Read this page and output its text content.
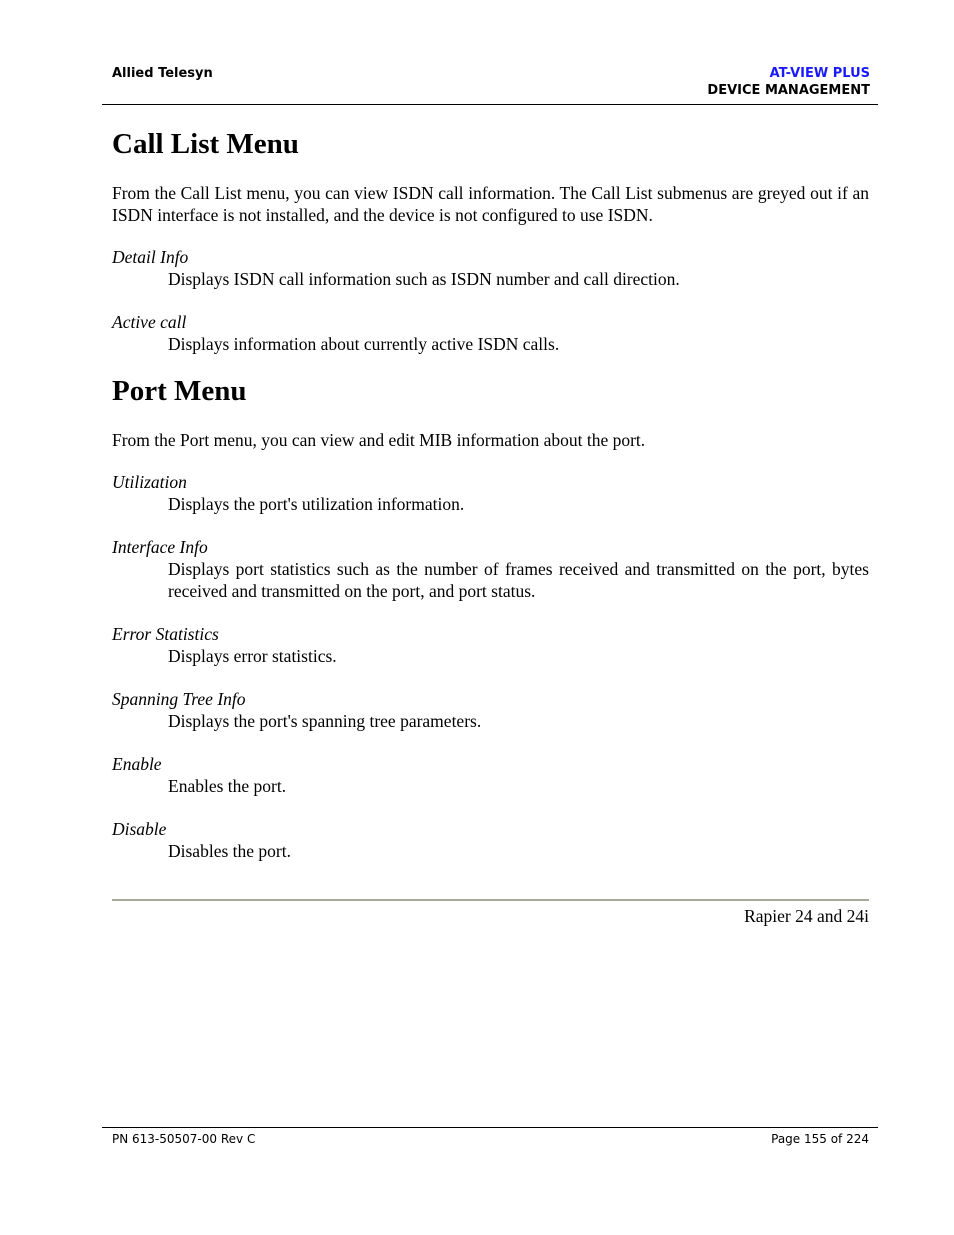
Allied Telesyn	AT-VIEW PLUS
DEVICE MANAGEMENT
Call List Menu

From the Call List menu, you can view ISDN call information. The Call List submenus are greyed out if an ISDN interface is not installed, and the device is not configured to use ISDN.

Detail Info

Displays ISDN call information such as ISDN number and call direction.

Active call

Displays information about currently active ISDN calls.

Port Menu

From the Port menu, you can view and edit MIB information about the port.

Utilization

Displays the port's utilization information.

Interface Info

Displays port statistics such as the number of frames received and transmitted on the port, bytes received and transmitted on the port, and port status.

Error Statistics

Displays error statistics.

Spanning Tree Info

Displays the port's spanning tree parameters.

Enable

Enables the port.

Disable

Disables the port.

Rapier 24 and 24i
PN 613-50507-00 Rev C	Page 155 of 224
